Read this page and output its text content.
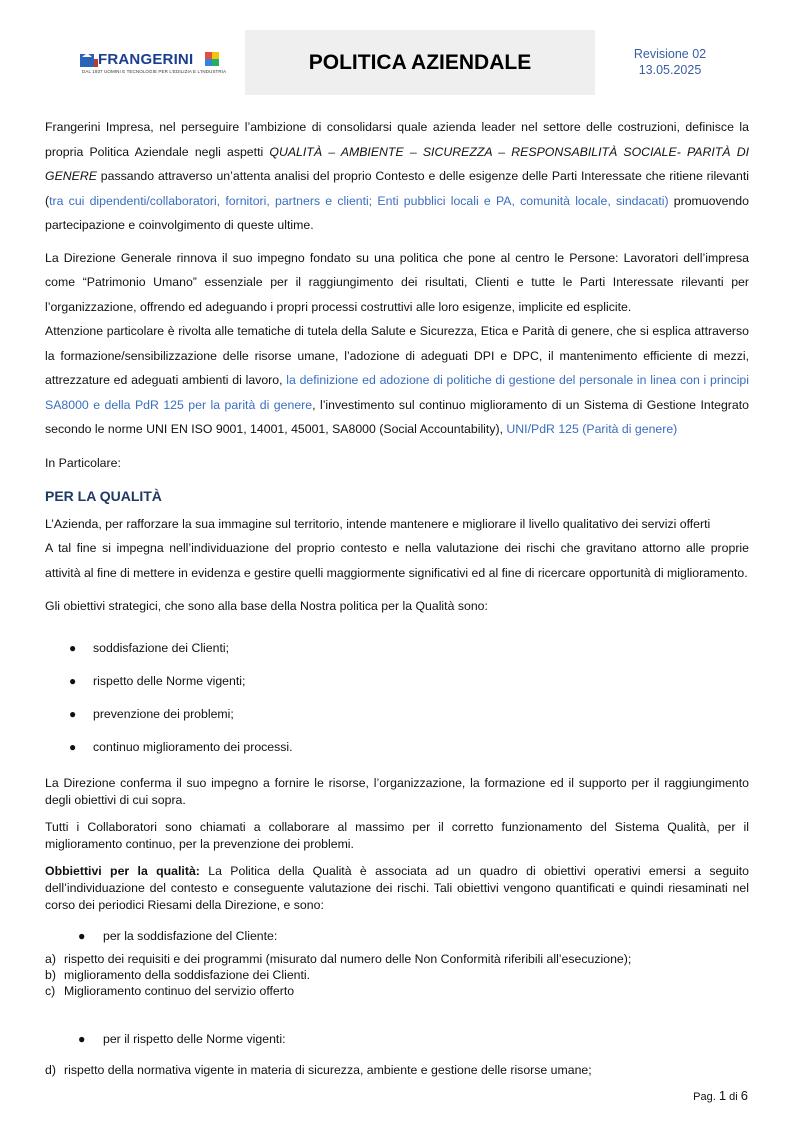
FRANGERINI
DAL 1937 UOMINI E TECNOLOGIE PER L'EDILIZIA E L'INDUSTRIA	POLITICA AZIENDALE	Revisione 02
13.05.2025

Frangerini Impresa, nel perseguire l’ambizione di consolidarsi quale azienda leader nel settore delle costruzioni, definisce la propria Politica Aziendale negli aspetti QUALITÀ – AMBIENTE – SICUREZZA – RESPONSABILITÀ SOCIALE- PARITÀ DI GENERE passando attraverso un’attenta analisi del proprio Contesto e delle esigenze delle Parti Interessate che ritiene rilevanti (tra cui dipendenti/collaboratori, fornitori, partners e clienti; Enti pubblici locali e PA, comunità locale, sindacati) promuovendo partecipazione e coinvolgimento di queste ultime.

La Direzione Generale rinnova il suo impegno fondato su una politica che pone al centro le Persone: Lavoratori dell’impresa come “Patrimonio Umano” essenziale per il raggiungimento dei risultati, Clienti e tutte le Parti Interessate rilevanti per l’organizzazione, offrendo ed adeguando i propri processi costruttivi alle loro esigenze, implicite ed esplicite.

Attenzione particolare è rivolta alle tematiche di tutela della Salute e Sicurezza, Etica e Parità di genere, che si esplica attraverso la formazione/sensibilizzazione delle risorse umane, l’adozione di adeguati DPI e DPC, il mantenimento efficiente di mezzi, attrezzature ed adeguati ambienti di lavoro, la definizione ed adozione di politiche di gestione del personale in linea con i principi SA8000 e della PdR 125 per la parità di genere, l’investimento sul continuo miglioramento di un Sistema di Gestione Integrato secondo le norme UNI EN ISO 9001, 14001, 45001, SA8000 (Social Accountability), UNI/PdR 125 (Parità di genere)

In Particolare:

PER LA QUALITÀ

L’Azienda, per rafforzare la sua immagine sul territorio, intende mantenere e migliorare il livello qualitativo dei servizi offerti
A tal fine si impegna nell’individuazione del proprio contesto e nella valutazione dei rischi che gravitano attorno alle proprie attività al fine di mettere in evidenza e gestire quelli maggiormente significativi ed al fine di ricercare opportunità di miglioramento.

Gli obiettivi strategici, che sono alla base della Nostra politica per la Qualità sono:

●	soddisfazione dei Clienti;
●	rispetto delle Norme vigenti;
●	prevenzione dei problemi;
●	continuo miglioramento dei processi.

La Direzione conferma il suo impegno a fornire le risorse, l’organizzazione, la formazione ed il supporto per il raggiungimento degli obiettivi di cui sopra.

Tutti i Collaboratori sono chiamati a collaborare al massimo per il corretto funzionamento del Sistema Qualità, per il miglioramento continuo, per la prevenzione dei problemi.

Obbiettivi per la qualità: La Politica della Qualità è associata ad un quadro di obiettivi operativi emersi a seguito dell’individuazione del contesto e conseguente valutazione dei rischi. Tali obiettivi vengono quantificati e quindi riesaminati nel corso dei periodici Riesami della Direzione, e sono:

●	per la soddisfazione del Cliente:
a) rispetto dei requisiti e dei programmi (misurato dal numero delle Non Conformità riferibili all’esecuzione);
b) miglioramento della soddisfazione dei Clienti.
c) Miglioramento continuo del servizio offerto
●	per il rispetto delle Norme vigenti:
d) rispetto della normativa vigente in materia di sicurezza, ambiente e gestione delle risorse umane;
Pag. 1 di 6
